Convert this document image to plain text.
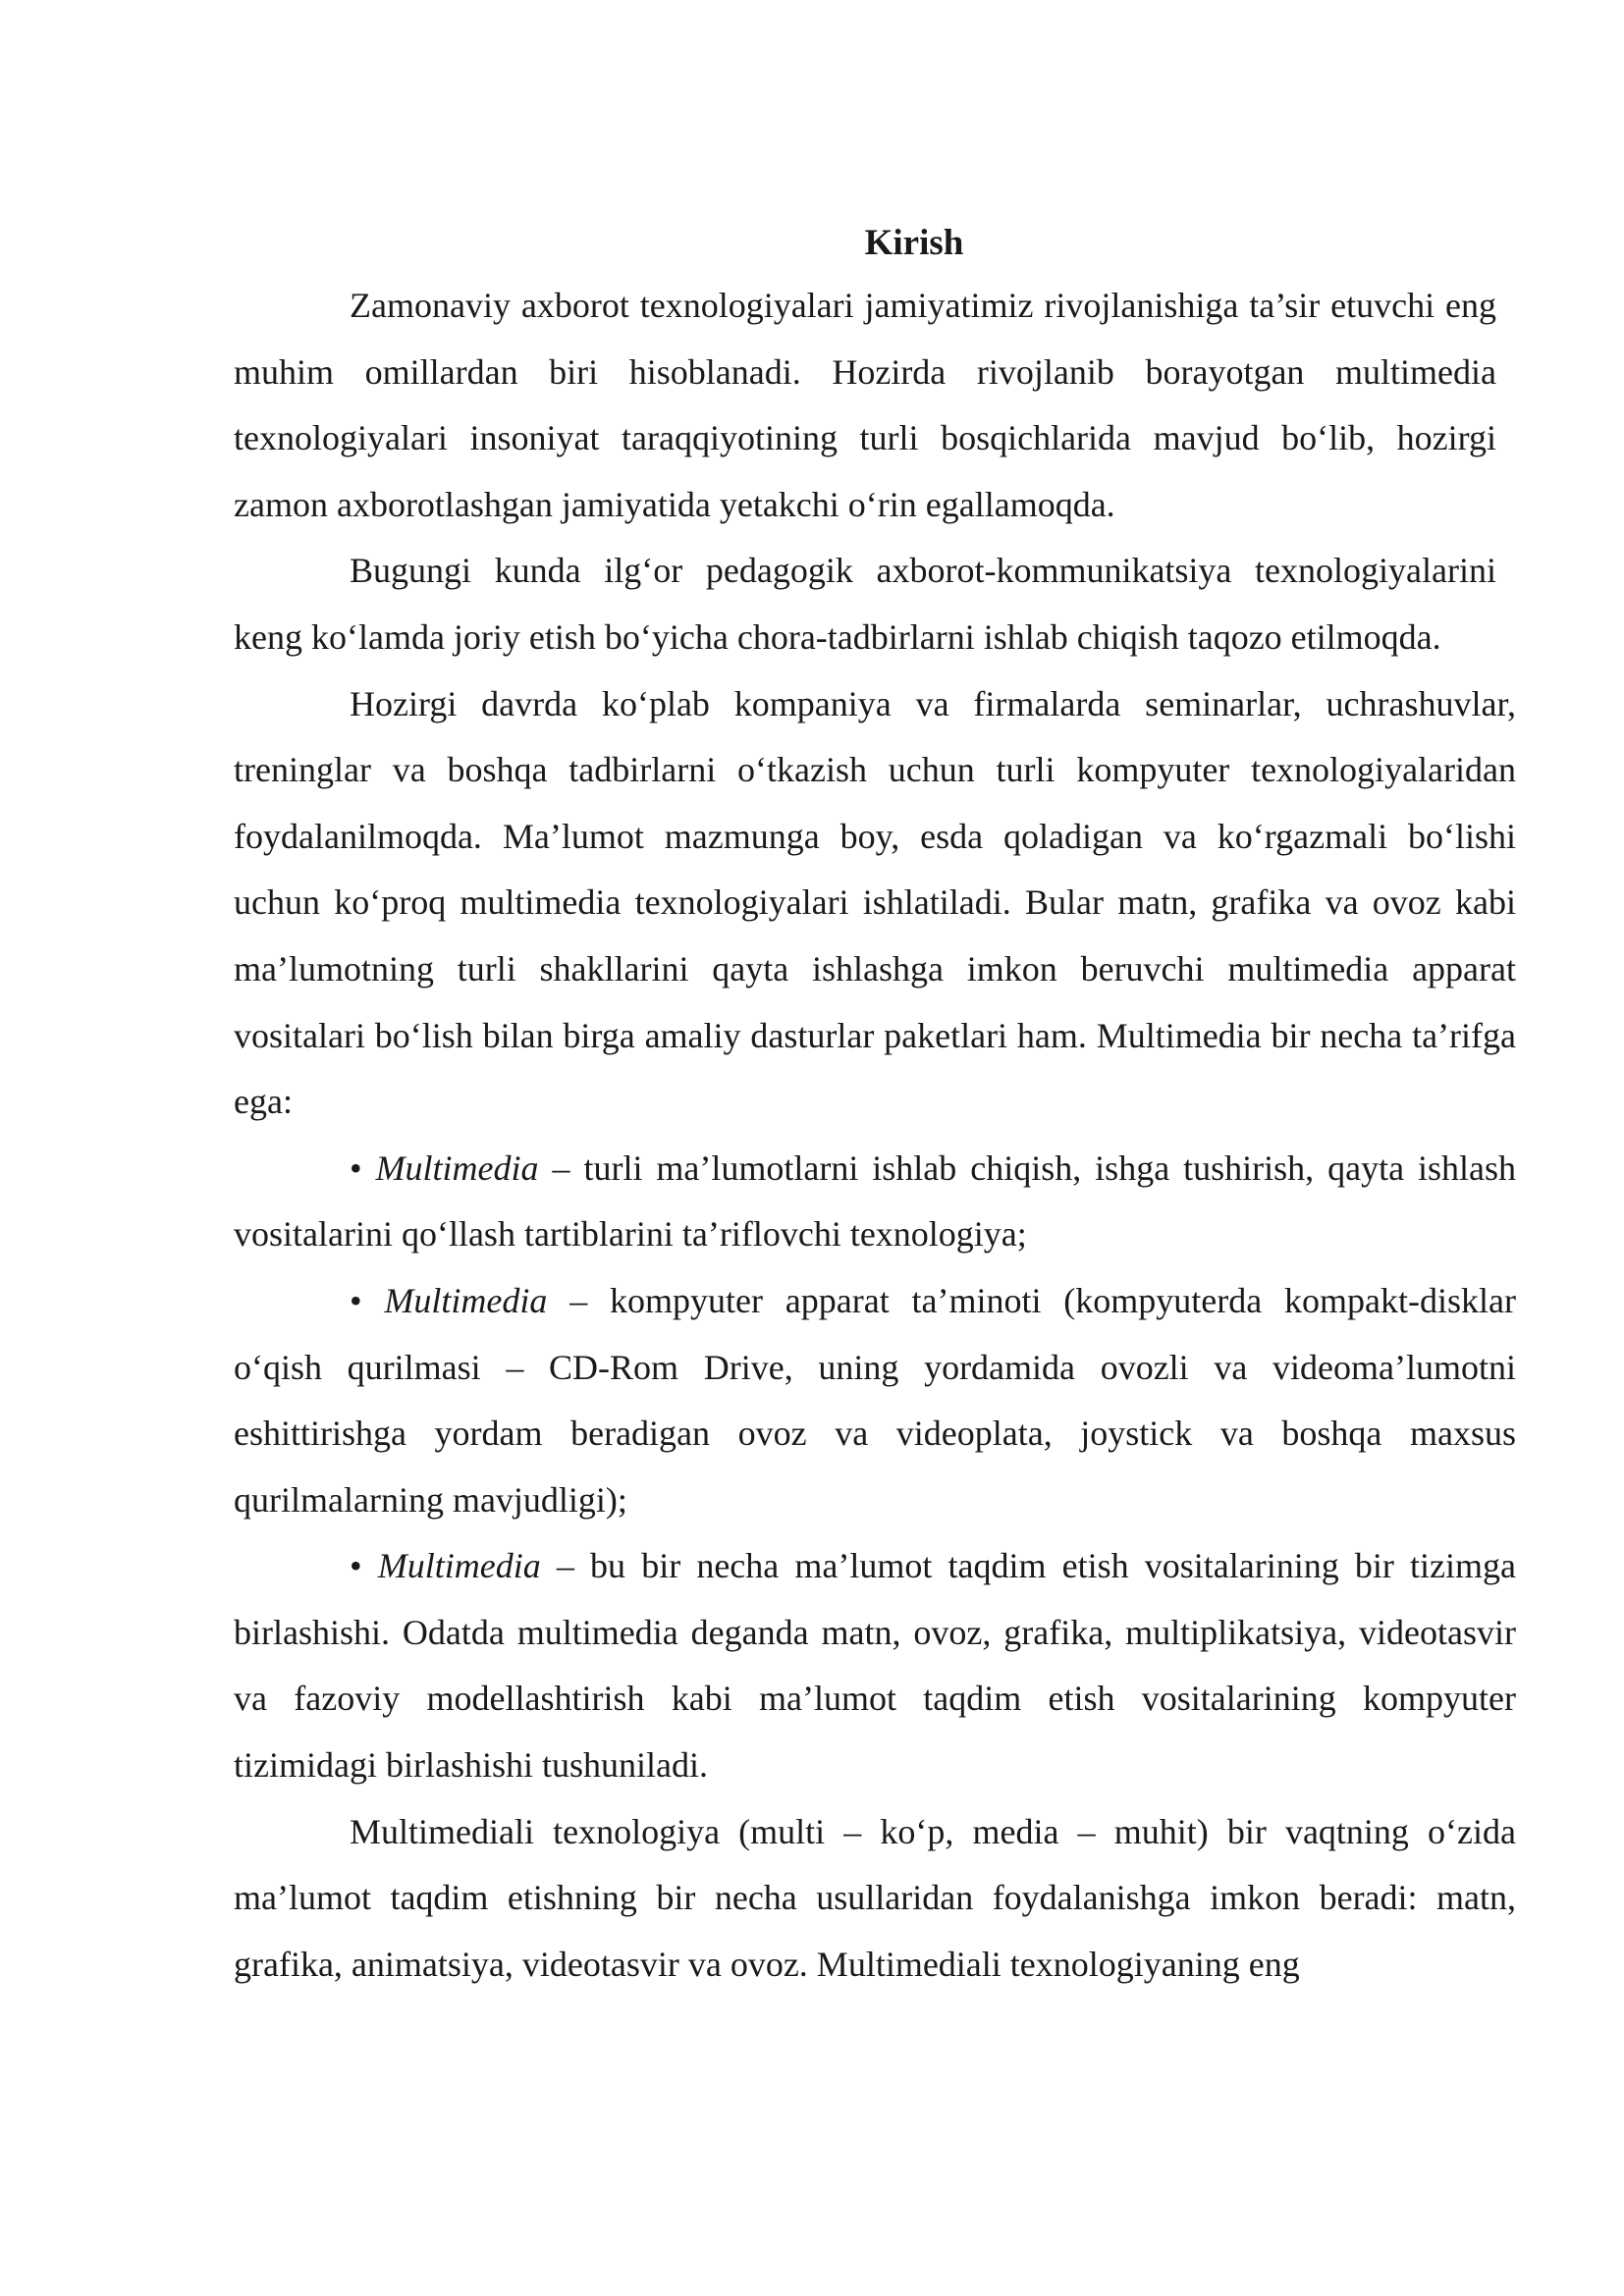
Kirish

Zamonaviy axborot texnologiyalari jamiyatimiz rivojlanishiga ta’sir etuvchi eng muhim omillardan biri hisoblanadi. Hozirda rivojlanib borayotgan multimedia texnologiyalari insoniyat taraqqiyotining turli bosqichlarida mavjud bo‘lib, hozirgi zamon axborotlashgan jamiyatida yetakchi o‘rin egallamoqda.

Bugungi kunda ilg‘or pedagogik axborot-kommunikatsiya texnologiyalarini keng ko‘lamda joriy etish bo‘yicha chora-tadbirlarni ishlab chiqish taqozo etilmoqda.

Hozirgi davrda ko‘plab kompaniya va firmalarda seminarlar, uchrashuvlar, treninglar va boshqa tadbirlarni o‘tkazish uchun turli kompyuter texnologiyalaridan foydalanilmoqda. Ma’lumot mazmunga boy, esda qoladigan va ko‘rgazmali bo‘lishi uchun ko‘proq multimedia texnologiyalari ishlatiladi. Bular matn, grafika va ovoz kabi ma’lumotning turli shakllarini qayta ishlashga imkon beruvchi multimedia apparat vositalari bo‘lish bilan birga amaliy dasturlar paketlari ham. Multimedia bir necha ta’rifga ega:

• Multimedia – turli ma’lumotlarni ishlab chiqish, ishga tushirish, qayta ishlash vositalarini qo‘llash tartiblarini ta’riflovchi texnologiya;

• Multimedia – kompyuter apparat ta’minoti (kompyuterda kompakt-disklar o‘qish qurilmasi – CD-Rom Drive, uning yordamida ovozli va videoma’lumotni eshittirishga yordam beradigan ovoz va videoplata, joystick va boshqa maxsus qurilmalarning mavjudligi);

• Multimedia – bu bir necha ma’lumot taqdim etish vositalarining bir tizimga birlashishi. Odatda multimedia deganda matn, ovoz, grafika, multiplikatsiya, videotasvir va fazoviy modellashtirish kabi ma’lumot taqdim etish vositalarining kompyuter tizimidagi birlashishi tushuniladi.

Multimediali texnologiya (multi – ko‘p, media – muhit) bir vaqtning o‘zida ma’lumot taqdim etishning bir necha usullaridan foydalanishga imkon beradi: matn, grafika, animatsiya, videotasvir va ovoz. Multimediali texnologiyaning eng
